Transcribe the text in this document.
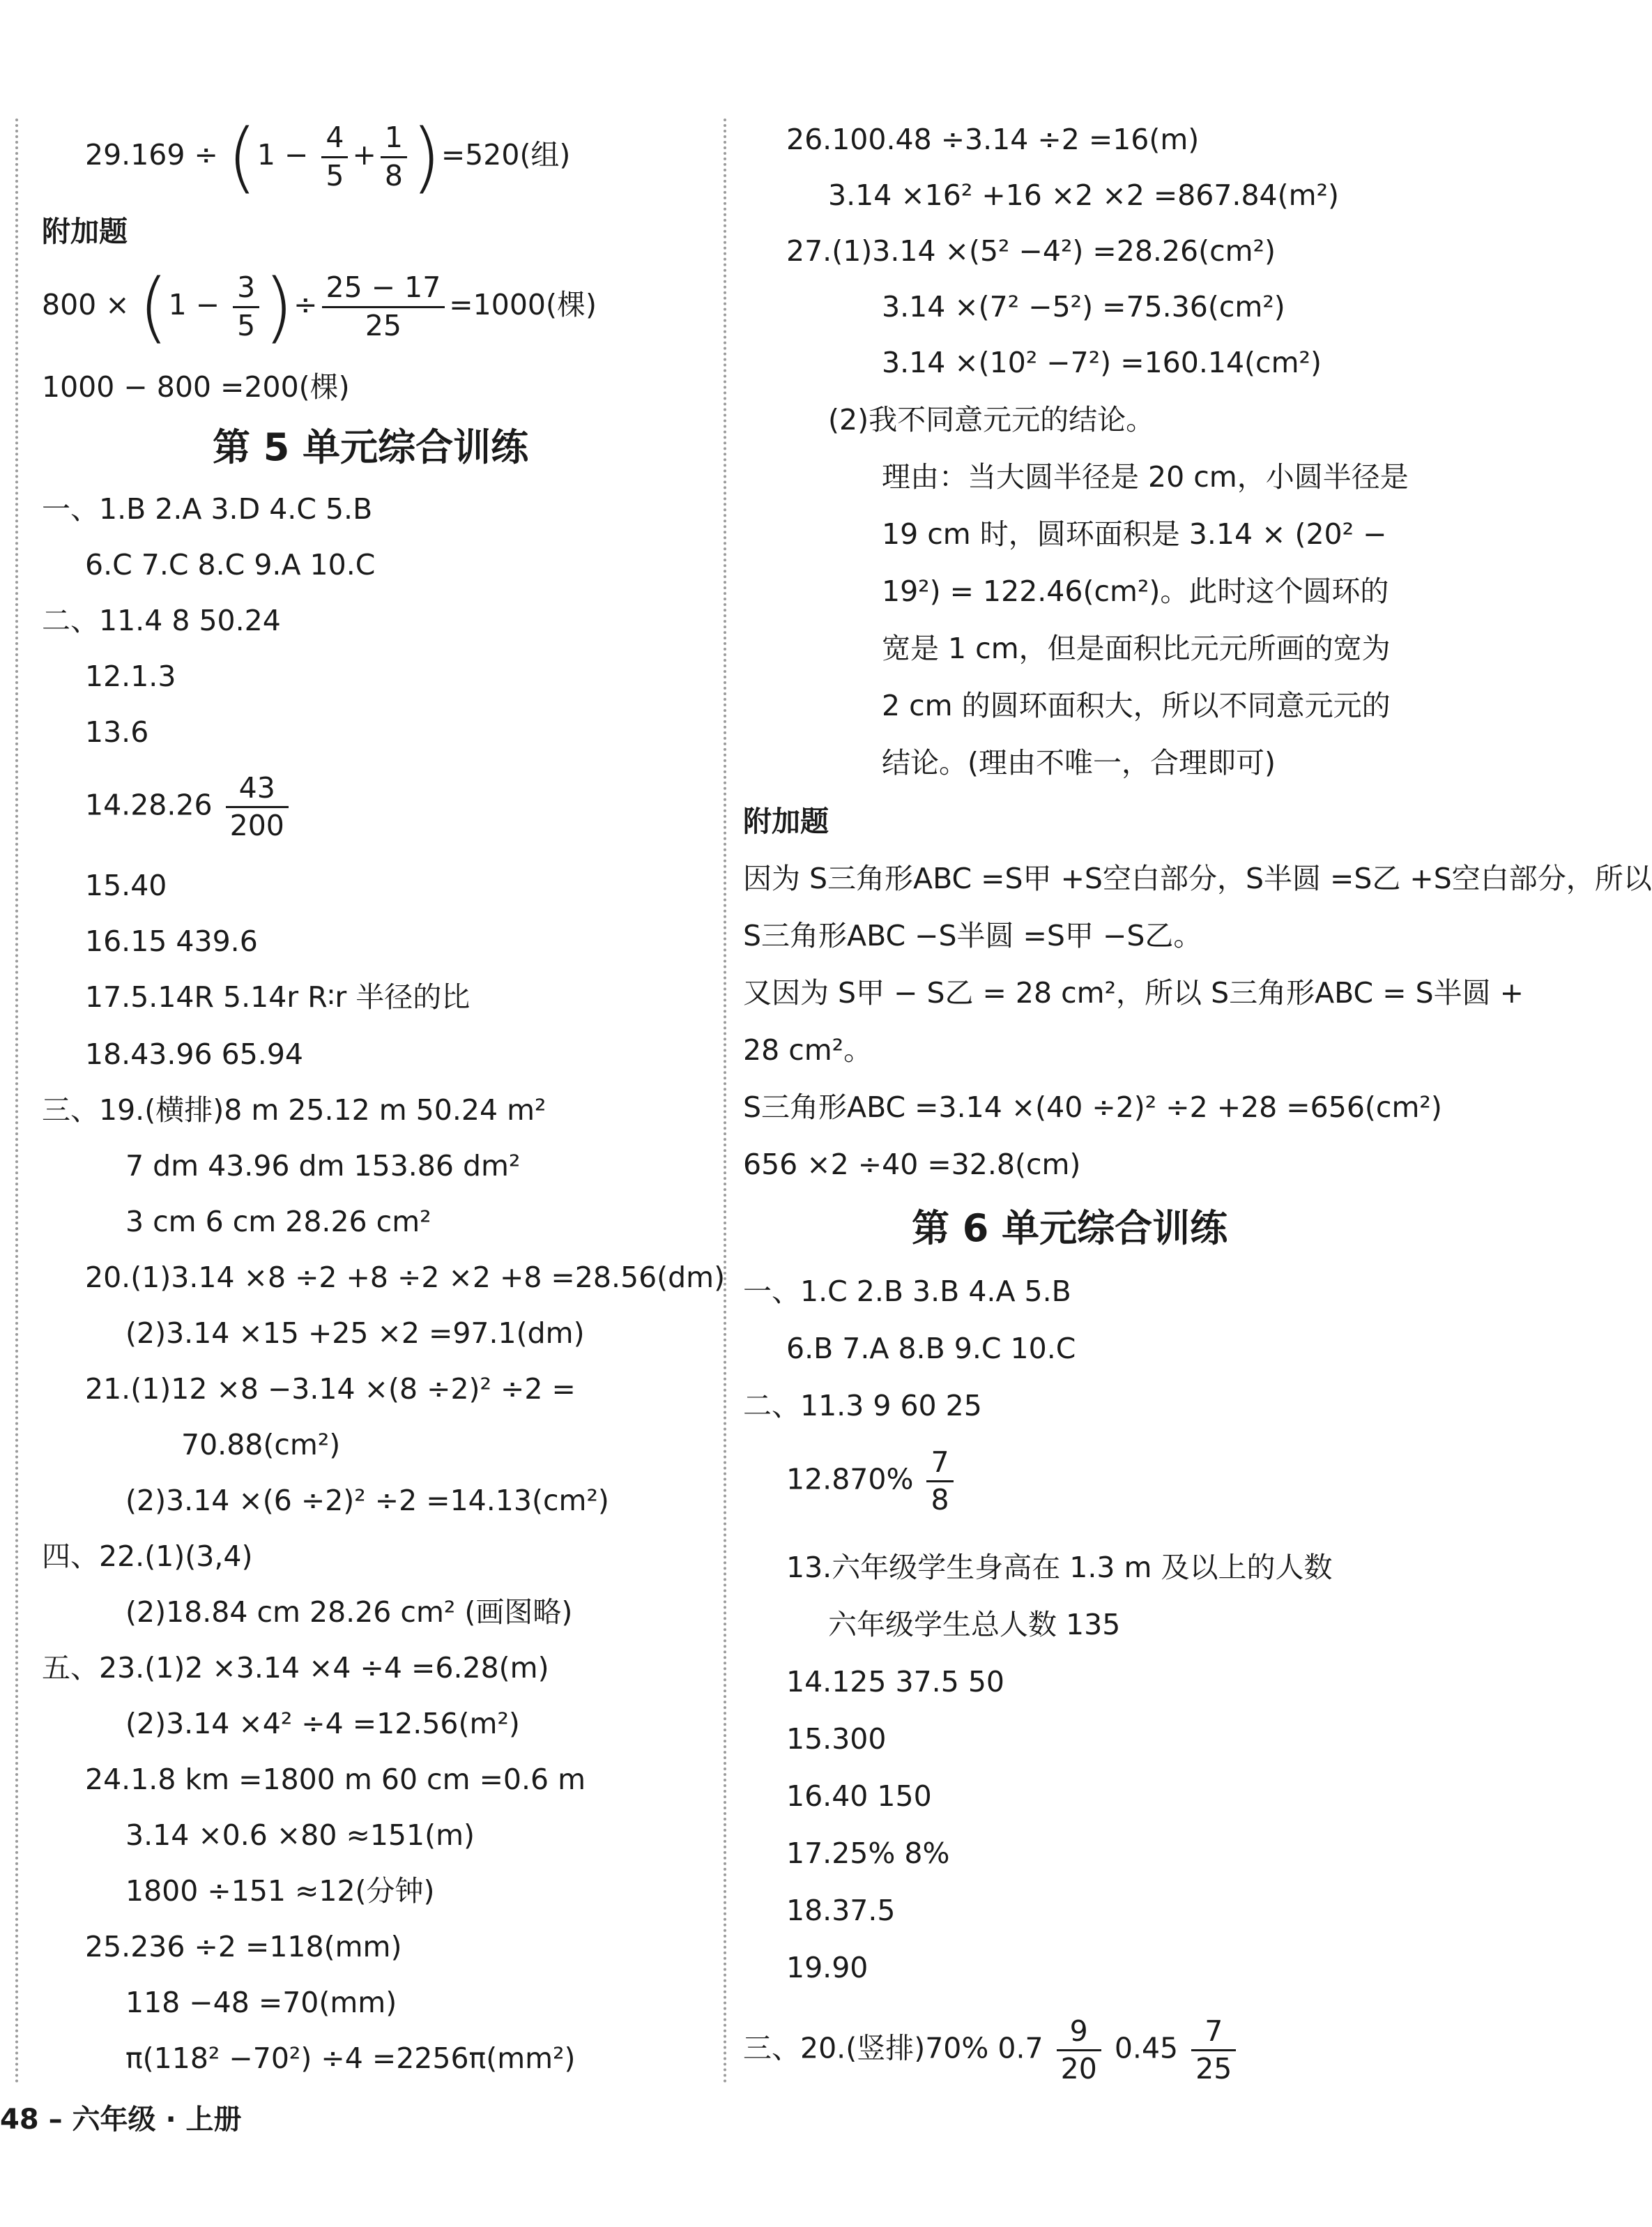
$29.169 \div (1 - \frac{4}{5} + \frac{1}{8} )=520$(组)
附加题
$800 \times (1 - \frac{3}{5}$ )÷ $\frac{25 - 17}{25} =1000$(棵)
1000 − 800 =200(棵)
第 5 单元综合训练
一、1.B 2.A 3.D 4.C 5.B
6.C 7.C 8.C 9.A 10.C
二、11.4 8 50.24
12.1.3
13.6
$14.28.26 \frac{43}{200}$
15.40
16.15 439.6
17.5.14R 5.14r R∶r 半径的比
18.43.96 65.94
三、19.(横排)8 m 25.12 m 50.24 m²
7 dm 43.96 dm 153.86 dm²
3 cm 6 cm 28.26 cm²
20.(1)3.14 ×8 ÷2 +8 ÷2 ×2 +8 =28.56(dm)
(2)3.14 ×15 +25 ×2 =97.1(dm)
21.(1)12 ×8 −3.14 ×(8 ÷2)² ÷2 =
70.88(cm²)
(2)3.14 ×(6 ÷2)² ÷2 =14.13(cm²)
四、22.(1)(3,4)
(2)18.84 cm 28.26 cm² (画图略)
五、23.(1)2 ×3.14 ×4 ÷4 =6.28(m)
(2)3.14 ×4² ÷4 =12.56(m²)
24.1.8 km =1800 m 60 cm =0.6 m
3.14 ×0.6 ×80 ≈151(m)
1800 ÷151 ≈12(分钟)
25.236 ÷2 =118(mm)
118 −48 =70(mm)
π(118² −70²) ÷4 =2256π(mm²)
26.100.48 ÷3.14 ÷2 =16(m)
3.14 ×16² +16 ×2 ×2 =867.84(m²)
27.(1)3.14 ×(5² −4²) =28.26(cm²)
3.14 ×(7² −5²) =75.36(cm²)
3.14 ×(10² −7²) =160.14(cm²)
(2)我不同意元元的结论。
理由：当大圆半径是 20 cm，小圆半径是
19 cm 时，圆环面积是 3.14 × (20² −
19²) = 122.46(cm²)。此时这个圆环的
宽是 1 cm，但是面积比元元所画的宽为
2 cm 的圆环面积大，所以不同意元元的
结论。(理由不唯一，合理即可)
附加题
因为 S三角形ABC =S甲 +S空白部分，S半圆 =S乙 +S空白部分，所以
S三角形ABC −S半圆 =S甲 −S乙。
又因为 S甲 − S乙 = 28 cm²，所以 S三角形ABC = S半圆 +
28 cm²。
S三角形ABC =3.14 ×(40 ÷2)² ÷2 +28 =656(cm²)
656 ×2 ÷40 =32.8(cm)
第 6 单元综合训练
一、1.C 2.B 3.B 4.A 5.B
6.B 7.A 8.B 9.C 10.C
二、11.3 9 60 25
$12.870\% \frac{7}{8}$
13.六年级学生身高在 1.3 m 及以上的人数
六年级学生总人数 135
14.125 37.5 50
15.300
16.40 150
17.25% 8%
18.37.5
19.90
三、20.(竖排)70% $0.7 \frac{9}{20} 0.45 \frac{7}{25}$
48 – 六年级 · 上册
